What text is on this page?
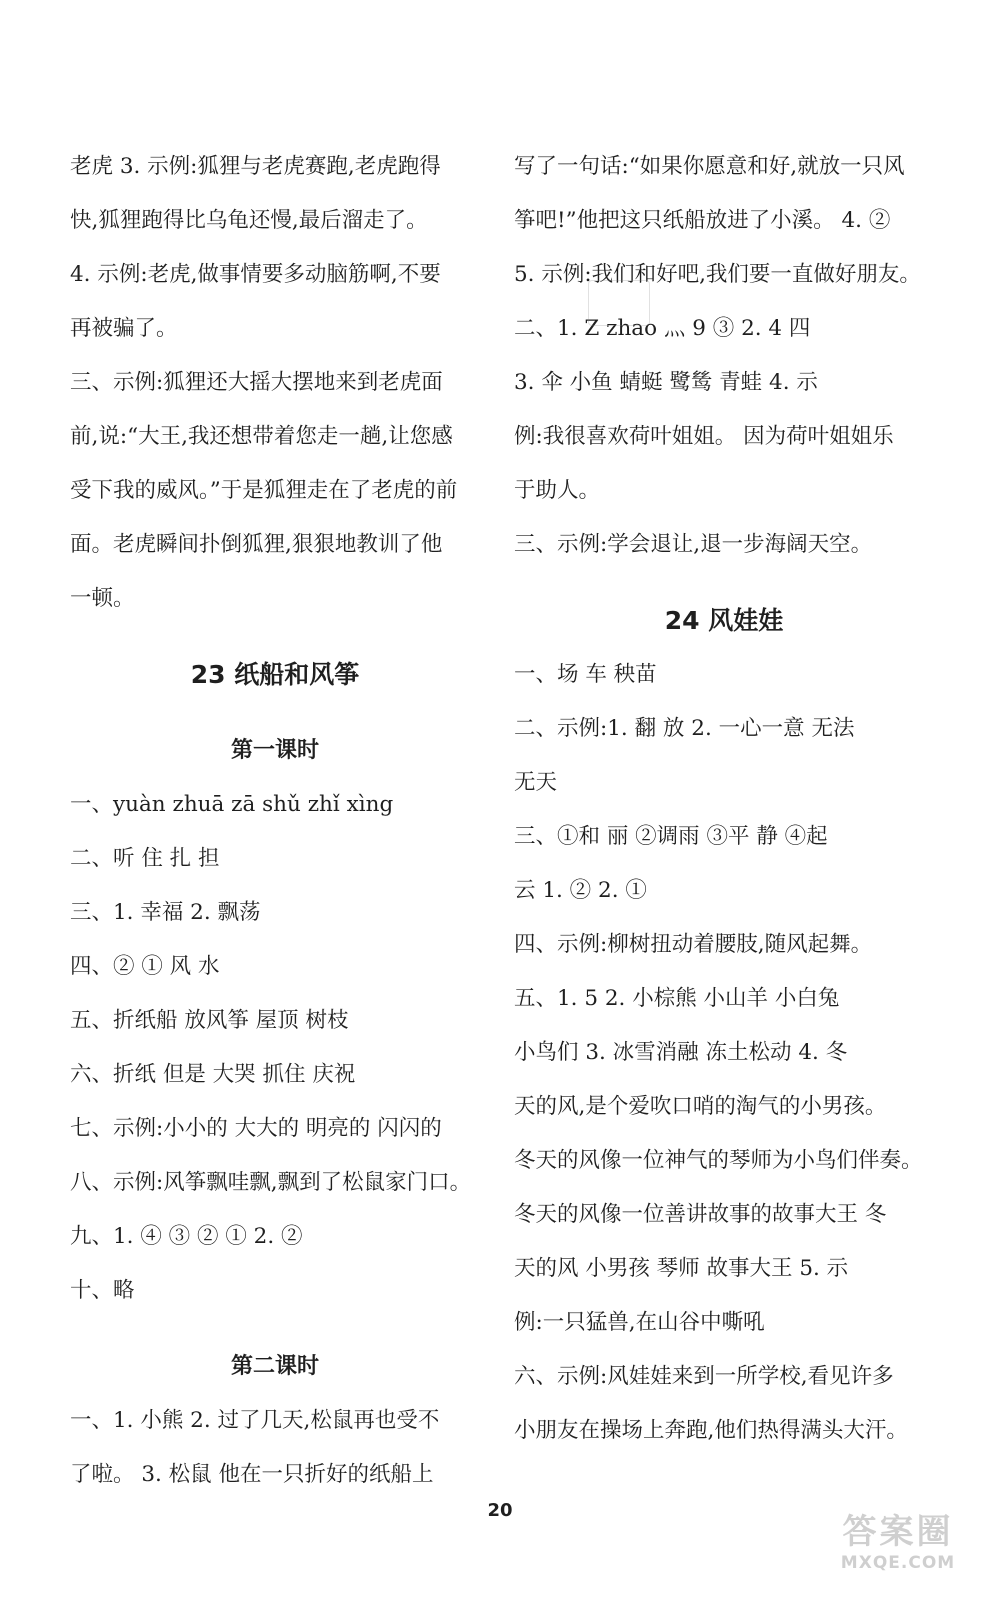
老虎 3. 示例:狐狸与老虎赛跑,老虎跑得
快,狐狸跑得比乌龟还慢,最后溜走了。
4. 示例:老虎,做事情要多动脑筋啊,不要
再被骗了。
三、示例:狐狸还大摇大摆地来到老虎面
前,说:“大王,我还想带着您走一趟,让您感
受下我的威风。”于是狐狸走在了老虎的前
面。老虎瞬间扑倒狐狸,狠狠地教训了他
一顿。
23 纸船和风筝
第一课时
一、yuàn zhuā zā shǔ zhǐ xìng
二、听 住 扎 担
三、1. 幸福 2. 飘荡
四、② ① 风 水
五、折纸船 放风筝 屋顶 树枝
六、折纸 但是 大哭 抓住 庆祝
七、示例:小小的 大大的 明亮的 闪闪的
八、示例:风筝飘哇飘,飘到了松鼠家门口。
九、1. ④ ③ ② ① 2. ②
十、略
第二课时
一、1. 小熊 2. 过了几天,松鼠再也受不
了啦。 3. 松鼠 他在一只折好的纸船上
写了一句话:“如果你愿意和好,就放一只风
筝吧!”他把这只纸船放进了小溪。 4. ②
5. 示例:我们和好吧,我们要一直做好朋友。
二、1. Z zhao 灬 9 ③ 2. 4 四
3. 伞 小鱼 蜻蜓 鹭鸶 青蛙 4. 示
例:我很喜欢荷叶姐姐。 因为荷叶姐姐乐
于助人。
三、示例:学会退让,退一步海阔天空。
24 风娃娃
一、场 车 秧苗
二、示例:1. 翻 放 2. 一心一意 无法
无天
三、①和 丽 ②调雨 ③平 静 ④起
云 1. ② 2. ①
四、示例:柳树扭动着腰肢,随风起舞。
五、1. 5 2. 小棕熊 小山羊 小白兔
小鸟们 3. 冰雪消融 冻土松动 4. 冬
天的风,是个爱吹口哨的淘气的小男孩。
冬天的风像一位神气的琴师为小鸟们伴奏。
冬天的风像一位善讲故事的故事大王 冬
天的风 小男孩 琴师 故事大王 5. 示
例:一只猛兽,在山谷中嘶吼
六、示例:风娃娃来到一所学校,看见许多
小朋友在操场上奔跑,他们热得满头大汗。
20
答案圈
MXQE.COM
